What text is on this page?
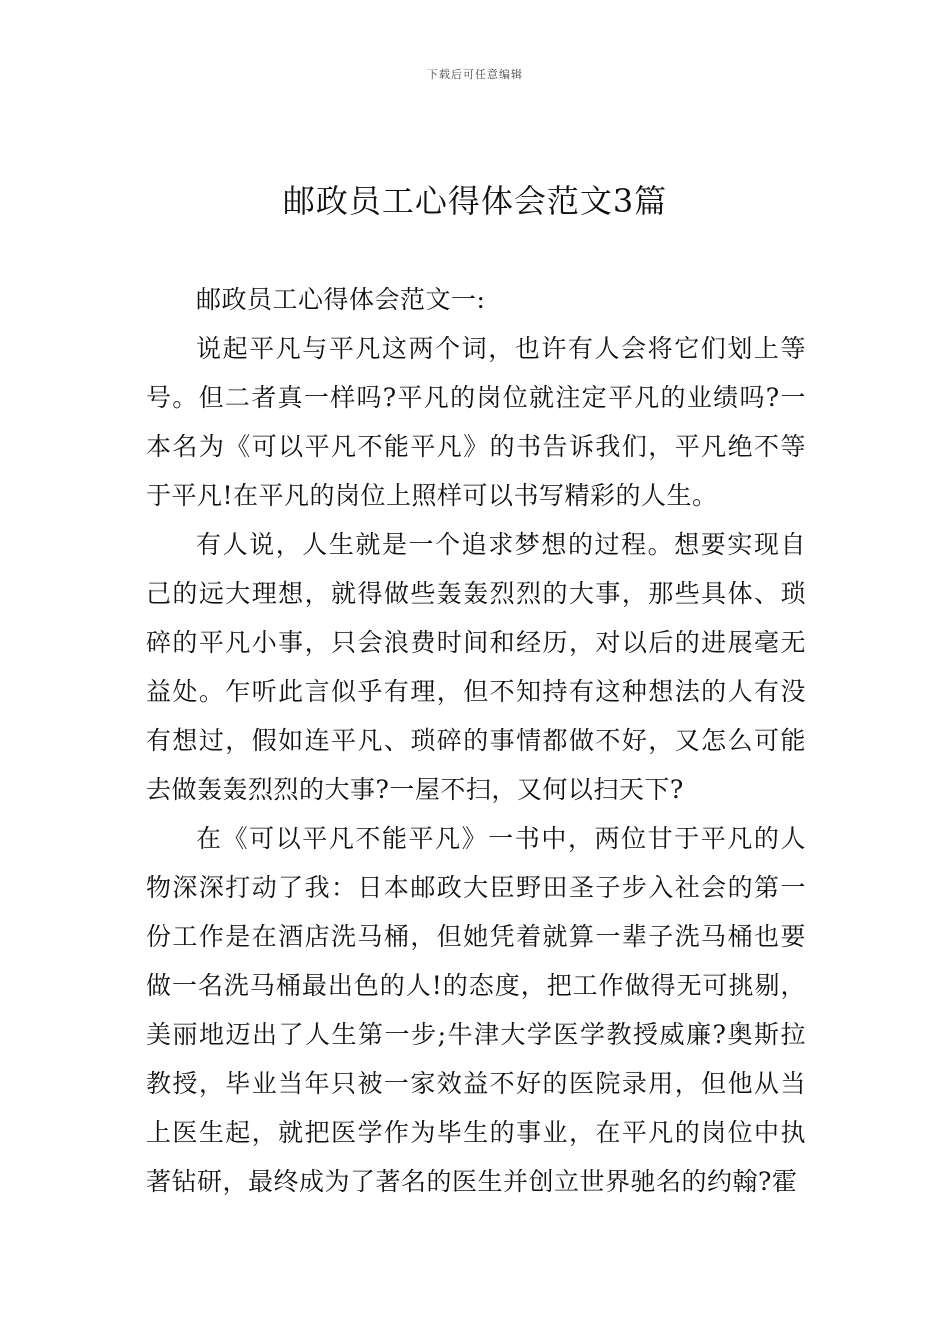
下载后可任意编辑
邮政员工心得体会范文3篇

邮政员工心得体会范文一:

说起平凡与平凡这两个词，也许有人会将它们划上等号。但二者真一样吗?平凡的岗位就注定平凡的业绩吗?一本名为《可以平凡不能平凡》的书告诉我们，平凡绝不等于平凡!在平凡的岗位上照样可以书写精彩的人生。

有人说，人生就是一个追求梦想的过程。想要实现自己的远大理想，就得做些轰轰烈烈的大事，那些具体、琐碎的平凡小事，只会浪费时间和经历，对以后的进展毫无益处。乍听此言似乎有理，但不知持有这种想法的人有没有想过，假如连平凡、琐碎的事情都做不好，又怎么可能去做轰轰烈烈的大事?一屋不扫，又何以扫天下?

在《可以平凡不能平凡》一书中，两位甘于平凡的人物深深打动了我：日本邮政大臣野田圣子步入社会的第一份工作是在酒店洗马桶，但她凭着就算一辈子洗马桶也要做一名洗马桶最出色的人!的态度，把工作做得无可挑剔，美丽地迈出了人生第一步;牛津大学医学教授威廉?奥斯拉教授，毕业当年只被一家效益不好的医院录用，但他从当上医生起，就把医学作为毕生的事业，在平凡的岗位中执著钻研，最终成为了著名的医生并创立世界驰名的约翰?霍
